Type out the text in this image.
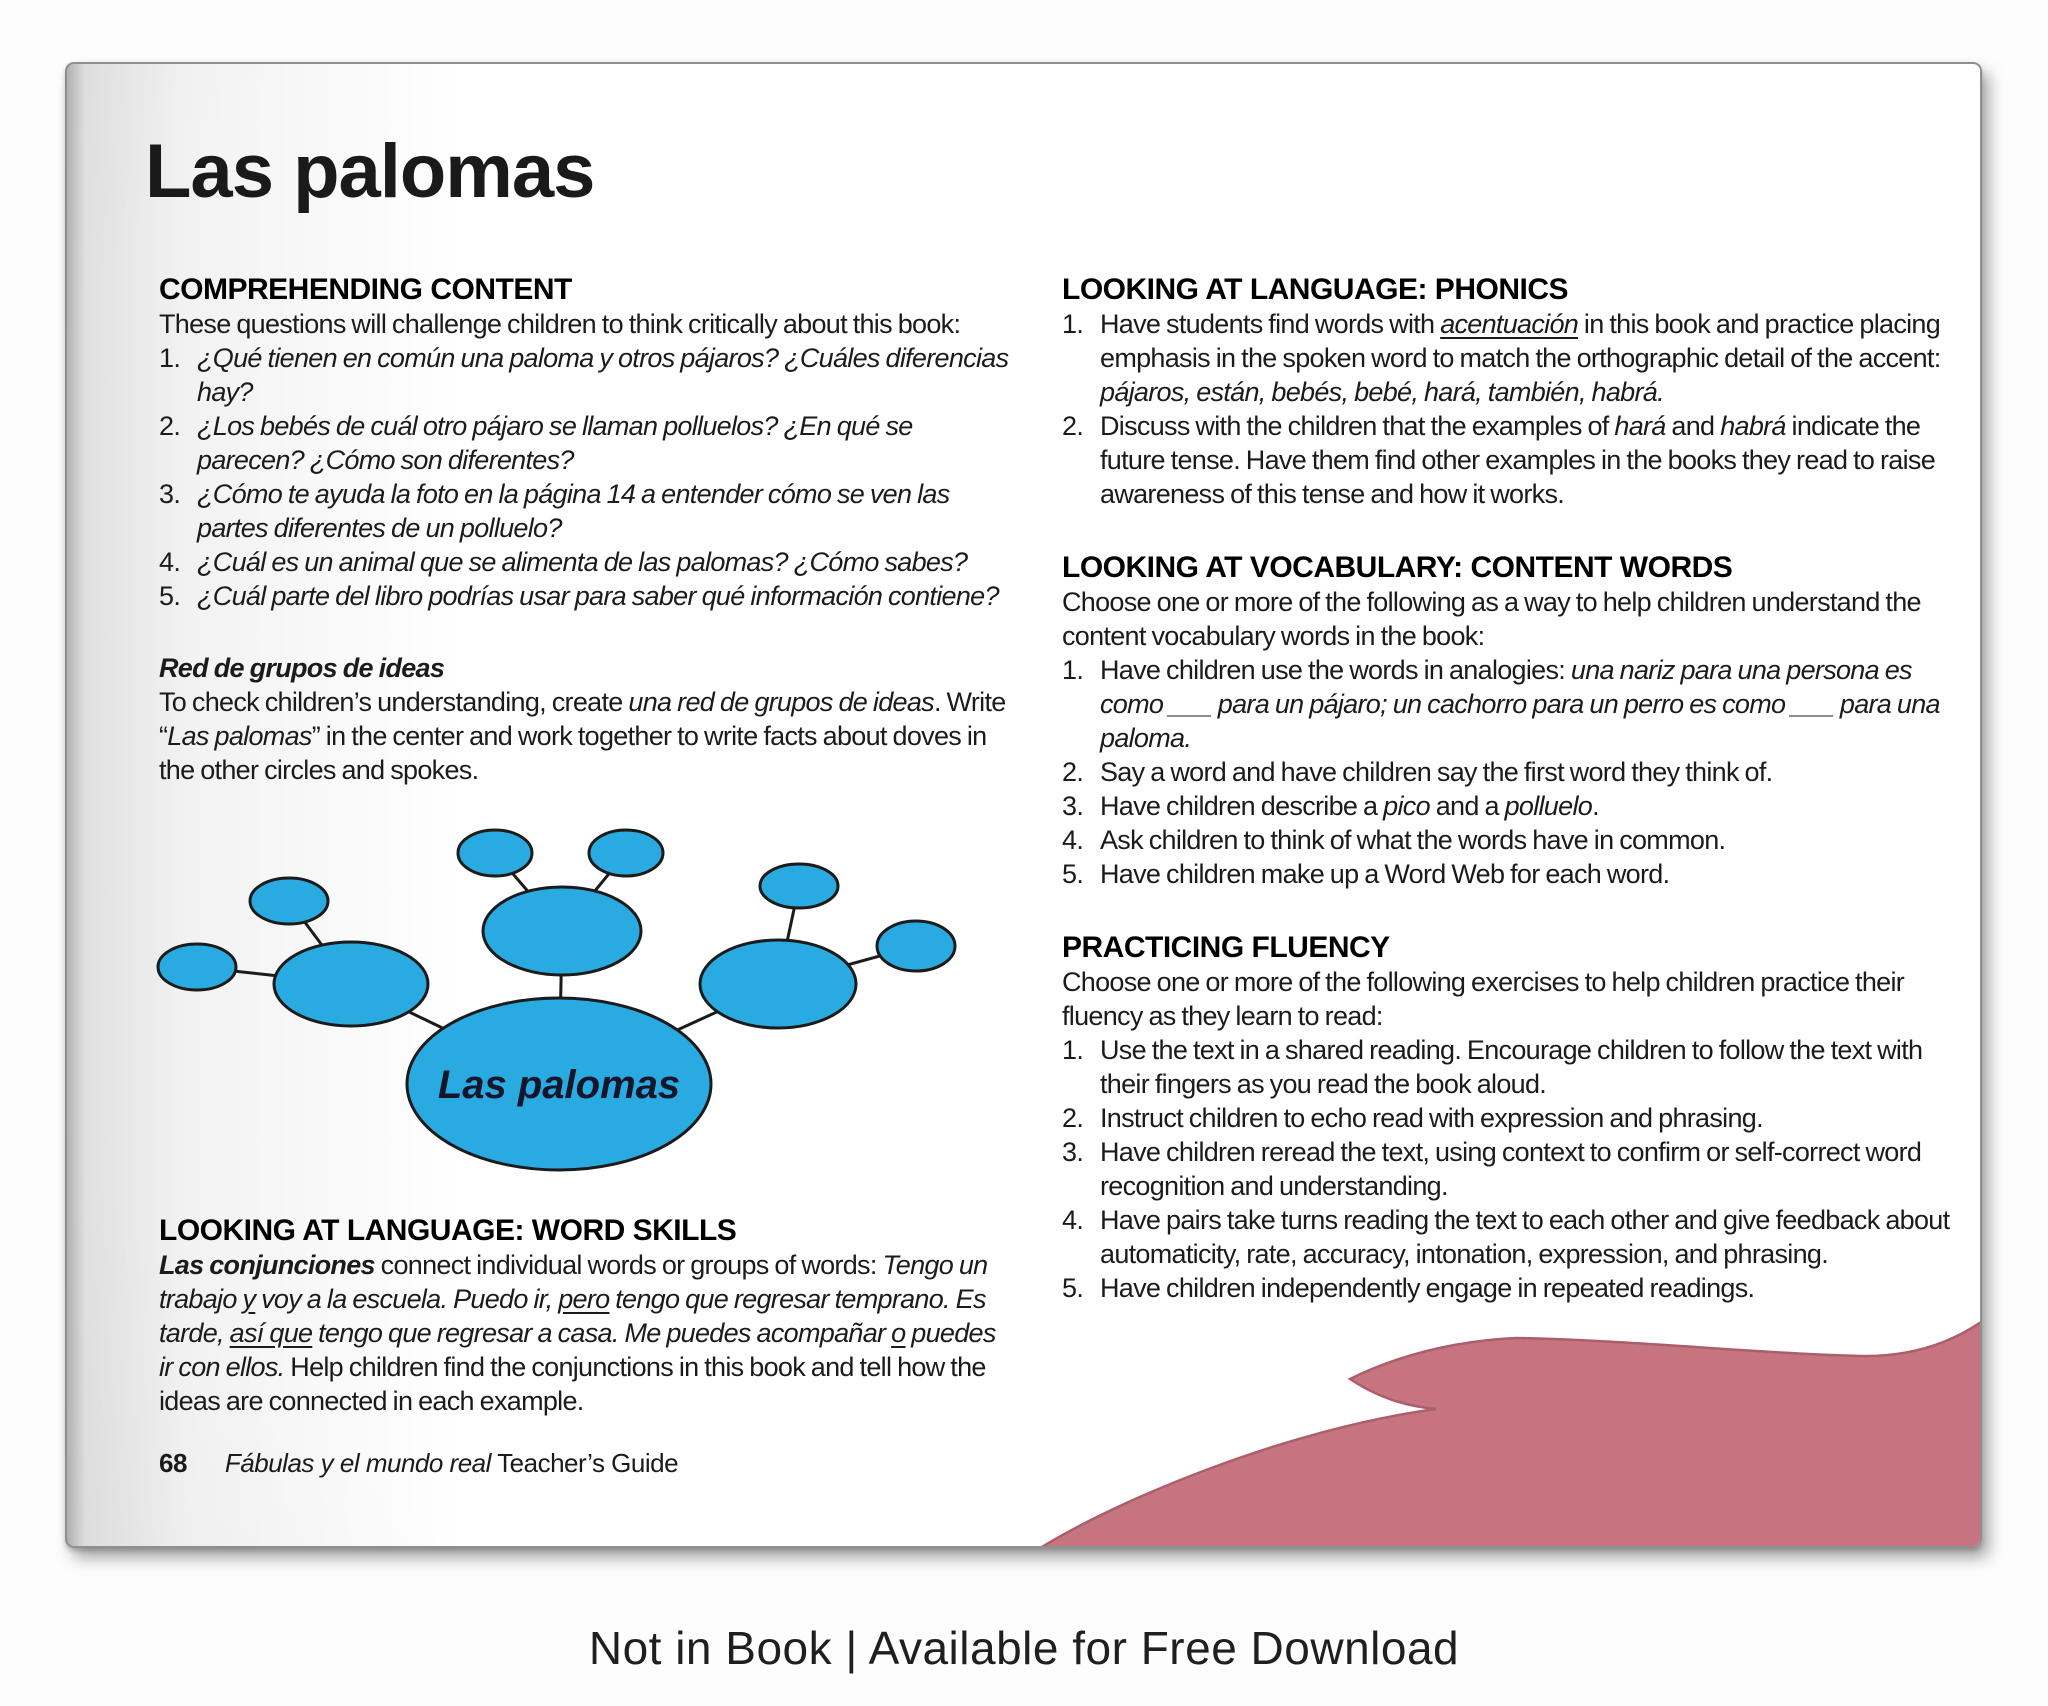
Las palomas
COMPREHENDING CONTENT
These questions will challenge children to think critically about this book:
1. ¿Qué tienen en común una paloma y otros pájaros? ¿Cuáles diferencias hay?
2. ¿Los bebés de cuál otro pájaro se llaman polluelos? ¿En qué se parecen? ¿Cómo son diferentes?
3. ¿Cómo te ayuda la foto en la página 14 a entender cómo se ven las partes diferentes de un polluelo?
4. ¿Cuál es un animal que se alimenta de las palomas? ¿Cómo sabes?
5. ¿Cuál parte del libro podrías usar para saber qué información contiene?
Red de grupos de ideas
To check children’s understanding, create una red de grupos de ideas. Write “Las palomas” in the center and work together to write facts about doves in the other circles and spokes.
Las palomas
LOOKING AT LANGUAGE: WORD SKILLS
Las conjunciones connect individual words or groups of words: Tengo un trabajo y voy a la escuela. Puedo ir, pero tengo que regresar temprano. Es tarde, así que tengo que regresar a casa. Me puedes acompañar o puedes ir con ellos. Help children find the conjunctions in this book and tell how the ideas are connected in each example.
68 Fábulas y el mundo real Teacher’s Guide
LOOKING AT LANGUAGE: PHONICS
1. Have students find words with acentuación in this book and practice placing emphasis in the spoken word to match the orthographic detail of the accent: pájaros, están, bebés, bebé, hará, también, habrá.
2. Discuss with the children that the examples of hará and habrá indicate the future tense. Have them find other examples in the books they read to raise awareness of this tense and how it works.
LOOKING AT VOCABULARY: CONTENT WORDS
Choose one or more of the following as a way to help children understand the content vocabulary words in the book:
1. Have children use the words in analogies: una nariz para una persona es como ___ para un pájaro; un cachorro para un perro es como ___ para una paloma.
2. Say a word and have children say the first word they think of.
3. Have children describe a pico and a polluelo.
4. Ask children to think of what the words have in common.
5. Have children make up a Word Web for each word.
PRACTICING FLUENCY
Choose one or more of the following exercises to help children practice their fluency as they learn to read:
1. Use the text in a shared reading. Encourage children to follow the text with their fingers as you read the book aloud.
2. Instruct children to echo read with expression and phrasing.
3. Have children reread the text, using context to confirm or self-correct word recognition and understanding.
4. Have pairs take turns reading the text to each other and give feedback about automaticity, rate, accuracy, intonation, expression, and phrasing.
5. Have children independently engage in repeated readings.
Not in Book | Available for Free Download
